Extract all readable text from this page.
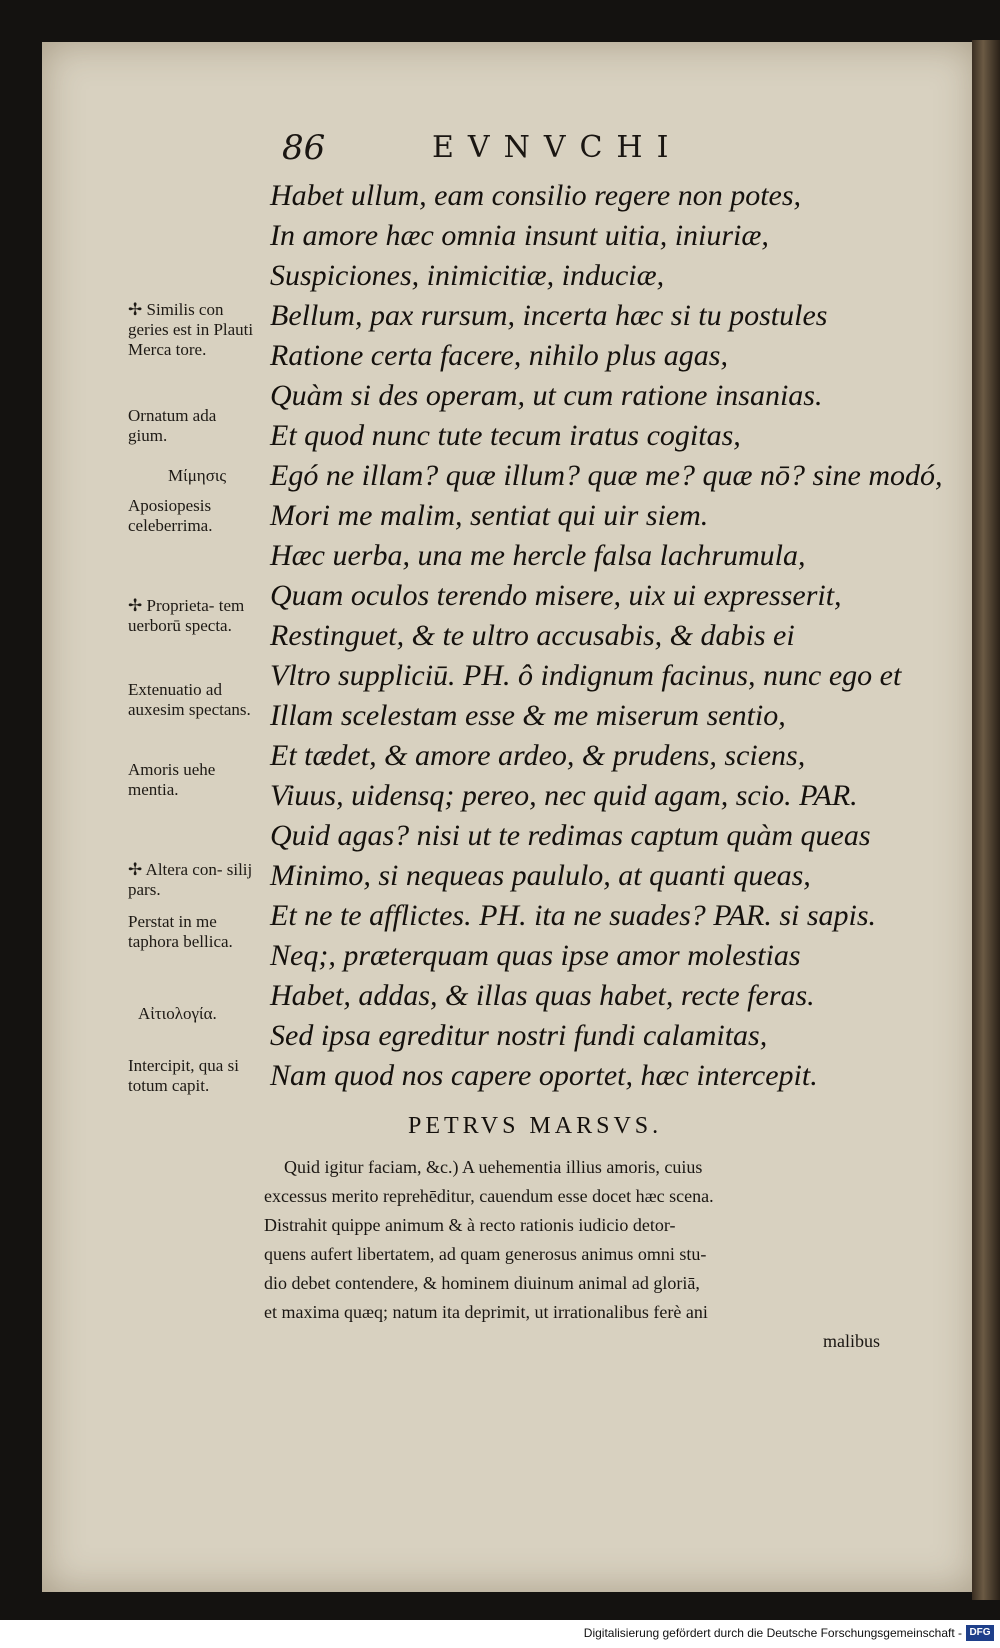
86	EVNVCHI
Habet ullum, eam consilio regere non potes,
In amore hæc omnia insunt uitia, iniuriæ,
Suspiciones, inimicitiæ, induciæ,
Bellum, pax rursum, incerta hæc si tu postules
Ratione certa facere, nihilo plus agas,
Quàm si des operam, ut cum ratione insanias.
Et quod nunc tute tecum iratus cogitas,
Egó ne illam? quæ illum? quæ me? quæ nō? sine modó,
Mori me malim, sentiat qui uir siem.
Hæc uerba, una me hercle falsa lachrumula,
Quam oculos terendo misere, uix ui expresserit,
Restinguet, & te ultro accusabis, & dabis ei
Vltro suppliciū. PH. ô indignum facinus, nunc ego et
Illam scelestam esse & me miserum sentio,
Et tædet, & amore ardeo, & prudens, sciens,
Viuus, uidensq; pereo, nec quid agam, scio. PAR.
Quid agas? nisi ut te redimas captum quàm queas
Minimo, si nequeas paululo, at quanti queas,
Et ne te afflictes. PH. ita ne suades? PAR. si sapis.
Neq;, præterquam quas ipse amor molestias
Habet, addas, & illas quas habet, recte feras.
Sed ipsa egreditur nostri fundi calamitas,
Nam quod nos capere oportet, hæc intercepit.
✢ Similis con geries est in Plauti Merca tore.
Ornatum ada gium.
Μίμησις
Aposiopesis celeberrima.
✢ Proprieta- tem uerborū specta.
Extenuatio ad auxesim spectans.
Amoris uehe mentia.
✢ Altera con- silij pars.
Perstat in me taphora bellica.
Αἰτιολογία.
Intercipit, qua si totum capit.
PETRVS MARSVS.
Quid igitur faciam, &c.) A uehementia illius amoris, cuius
excessus merito reprehēditur, cauendum esse docet hæc scena.
Distrahit quippe animum & à recto rationis iudicio detor-
quens aufert libertatem, ad quam generosus animus omni stu-
dio debet contendere, & hominem diuinum animal ad gloriā,
et maxima quæq; natum ita deprimit, ut irrationalibus ferè ani
malibus
Digitalisierung gefördert durch die Deutsche Forschungsgemeinschaft - DFG
